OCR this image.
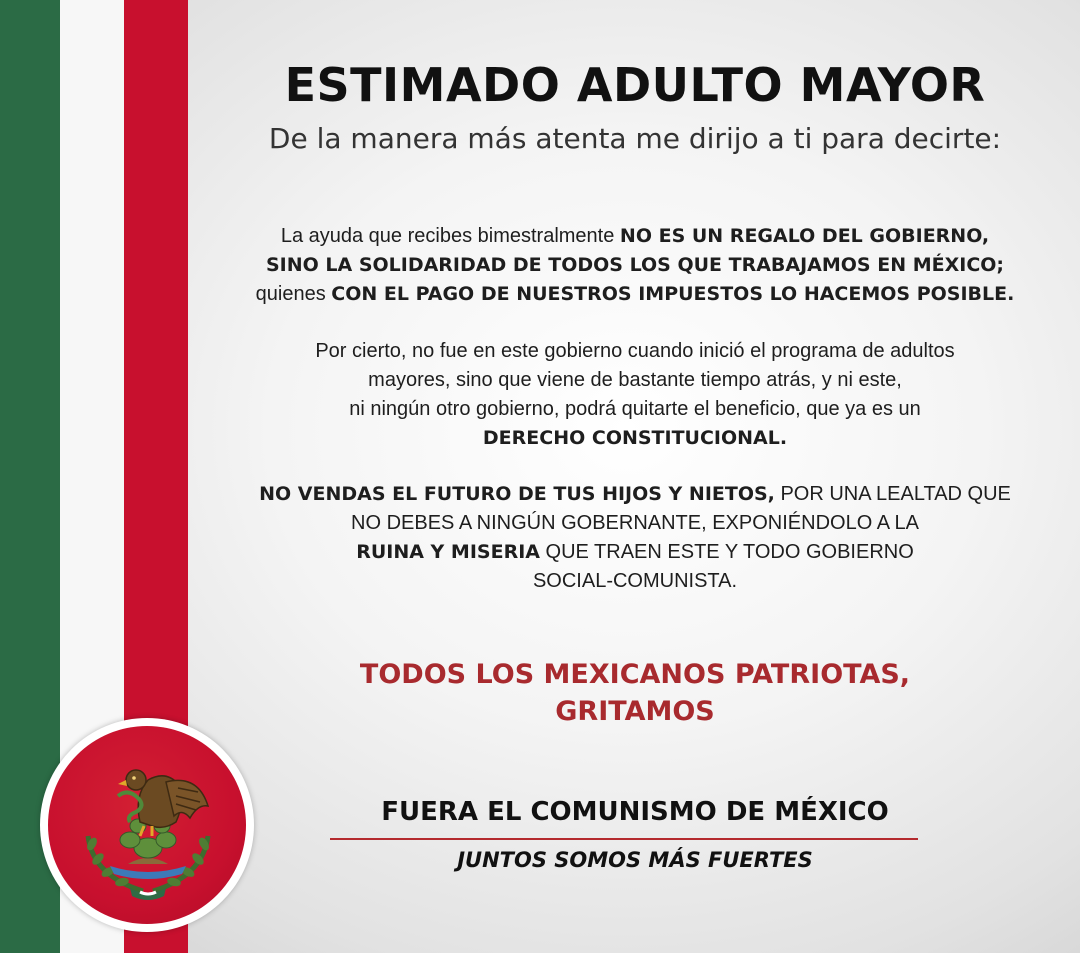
ESTIMADO ADULTO MAYOR

De la manera más atenta me dirijo a ti para decirte:

La ayuda que recibes bimestralmente NO ES UN REGALO DEL GOBIERNO,
SINO LA SOLIDARIDAD DE TODOS LOS QUE TRABAJAMOS EN MÉXICO;
quienes CON EL PAGO DE NUESTROS IMPUESTOS LO HACEMOS POSIBLE.
Por cierto, no fue en este gobierno cuando inició el programa de adultos
mayores, sino que viene de bastante tiempo atrás, y ni este,
ni ningún otro gobierno, podrá quitarte el beneficio, que ya es un
DERECHO CONSTITUCIONAL.
NO VENDAS EL FUTURO DE TUS HIJOS Y NIETOS, POR UNA LEALTAD QUE
NO DEBES A NINGÚN GOBERNANTE, EXPONIÉNDOLO A LA
RUINA Y MISERIA QUE TRAEN ESTE Y TODO GOBIERNO
SOCIAL-COMUNISTA.
TODOS LOS MEXICANOS PATRIOTAS,
GRITAMOS
FUERA EL COMUNISMO DE MÉXICO
JUNTOS SOMOS MÁS FUERTES
